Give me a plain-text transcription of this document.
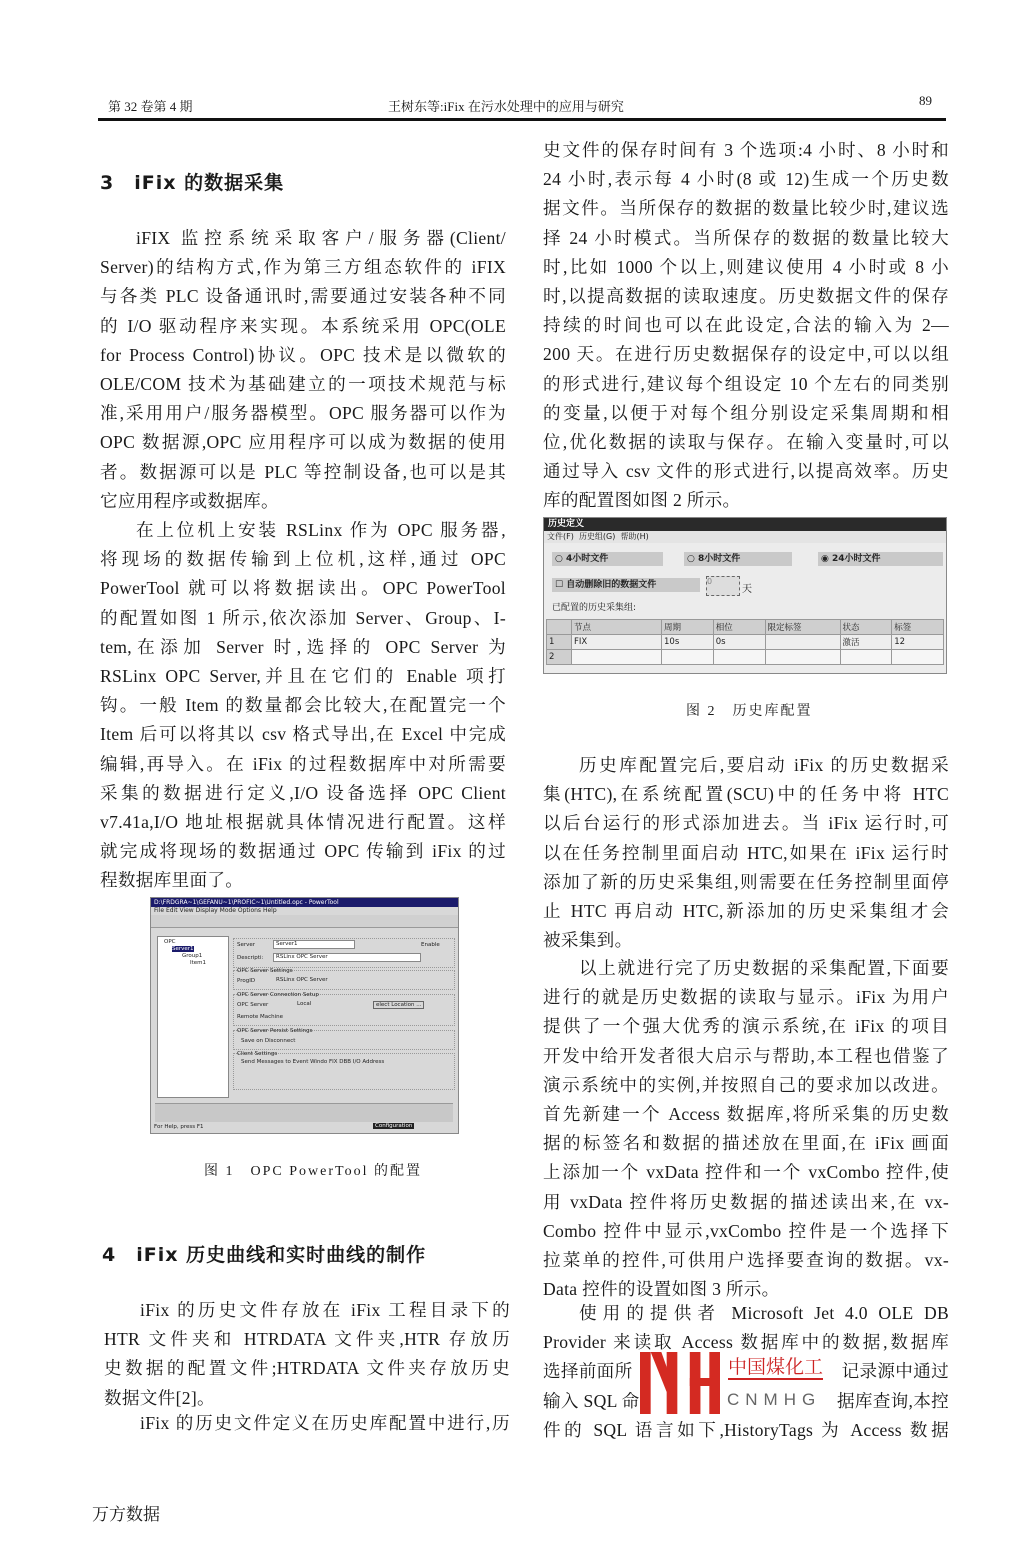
第 32 卷第 4 期	王树东等:iFix 在污水处理中的应用与研究	89
3　iFix 的数据采集
iFIX 监控系统采取客户/服务器(Client/
Server)的结构方式,作为第三方组态软件的 iFIX
与各类 PLC 设备通讯时,需要通过安装各种不同
的 I/O 驱动程序来实现。本系统采用 OPC(OLE
for Process Control)协议。OPC 技术是以微软的
OLE/COM 技术为基础建立的一项技术规范与标
准,采用用户/服务器模型。OPC 服务器可以作为
OPC 数据源,OPC 应用程序可以成为数据的使用
者。数据源可以是 PLC 等控制设备,也可以是其
它应用程序或数据库。
在上位机上安装 RSLinx 作为 OPC 服务器,
将现场的数据传输到上位机,这样,通过 OPC
PowerTool 就可以将数据读出。OPC PowerTool
的配置如图 1 所示,依次添加 Server、Group、I-
tem,在添加 Server 时,选择的 OPC Server 为
RSLinx OPC Server,并且在它们的 Enable 项打
钩。一般 Item 的数量都会比较大,在配置完一个
Item 后可以将其以 csv 格式导出,在 Excel 中完成
编辑,再导入。在 iFix 的过程数据库中对所需要
采集的数据进行定义,I/O 设备选择 OPC Client
v7.41a,I/O 地址根据就具体情况进行配置。这样
就完成将现场的数据通过 OPC 传输到 iFix 的过
程数据库里面了。
D:\FRDGRA~1\GEFANU~1\PROFIC~1\Untitled.opc - PowerTool
File Edit View Display Mode Options Help
OPC
Server1
Group1
Item1
Server	Server1	Enable
Descripti: RSLinx OPC Server
OPC Server Settings
ProgID	RSLinx OPC Server
OPC Server Connection Setup
OPC Server	Local	elect Location ...
Remote Machine
OPC Server Persist Settings
Save on Disconnect
Client Settings
Send Messages to Event Windo FIX DBB I/O Address
For Help, press F1	Configuration
图 1　OPC PowerTool 的配置
4　iFix 历史曲线和实时曲线的制作
iFix 的历史文件存放在 iFix 工程目录下的
HTR 文件夹和 HTRDATA 文件夹,HTR 存放历
史数据的配置文件;HTRDATA 文件夹存放历史
数据文件[2]。
iFix 的历史文件定义在历史库配置中进行,历
史文件的保存时间有 3 个选项:4 小时、8 小时和
24 小时,表示每 4 小时(8 或 12)生成一个历史数
据文件。当所保存的数据的数量比较少时,建议选
择 24 小时模式。当所保存的数据的数量比较大
时,比如 1000 个以上,则建议使用 4 小时或 8 小
时,以提高数据的读取速度。历史数据文件的保存
持续的时间也可以在此设定,合法的输入为 2—
200 天。在进行历史数据保存的设定中,可以以组
的形式进行,建议每个组设定 10 个左右的同类别
的变量,以便于对每个组分别设定采集周期和相
位,优化数据的读取与保存。在输入变量时,可以
通过导入 csv 文件的形式进行,以提高效率。历史
库的配置图如图 2 所示。
历史定义
文件(F) 历史组(G) 帮助(H)
○ 4小时文件	○ 8小时文件	◉ 24小时文件
☐ 自动删除旧的数据文件	0
天
已配置的历史采集组:
	节点	周期	相位	限定标签	状态	标签
1	FIX	10s	0s		激活	12
2						
图 2　历史库配置
历史库配置完后,要启动 iFix 的历史数据采
集(HTC),在系统配置(SCU)中的任务中将 HTC
以后台运行的形式添加进去。当 iFix 运行时,可
以在任务控制里面启动 HTC,如果在 iFix 运行时
添加了新的历史采集组,则需要在任务控制里面停
止 HTC 再启动 HTC,新添加的历史采集组才会
被采集到。
以上就进行完了历史数据的采集配置,下面要
进行的就是历史数据的读取与显示。iFix 为用户
提供了一个强大优秀的演示系统,在 iFix 的项目
开发中给开发者很大启示与帮助,本工程也借鉴了
演示系统中的实例,并按照自己的要求加以改进。
首先新建一个 Access 数据库,将所采集的历史数
据的标签名和数据的描述放在里面,在 iFix 画面
上添加一个 vxData 控件和一个 vxCombo 控件,使
用 vxData 控件将历史数据的描述读出来,在 vx-
Combo 控件中显示,vxCombo 控件是一个选择下
拉菜单的控件,可供用户选择要查询的数据。vx-
Data 控件的设置如图 3 所示。
使用的提供者 Microsoft Jet 4.0 OLE DB
Provider 来读取 Access 数据库中的数据,数据库
选择前面所	记录源中通过
输入 SQL 命	据库查询,本控
件的 SQL 语言如下,HistoryTags 为 Access 数据
中国煤化工
CNMHG
万方数据
